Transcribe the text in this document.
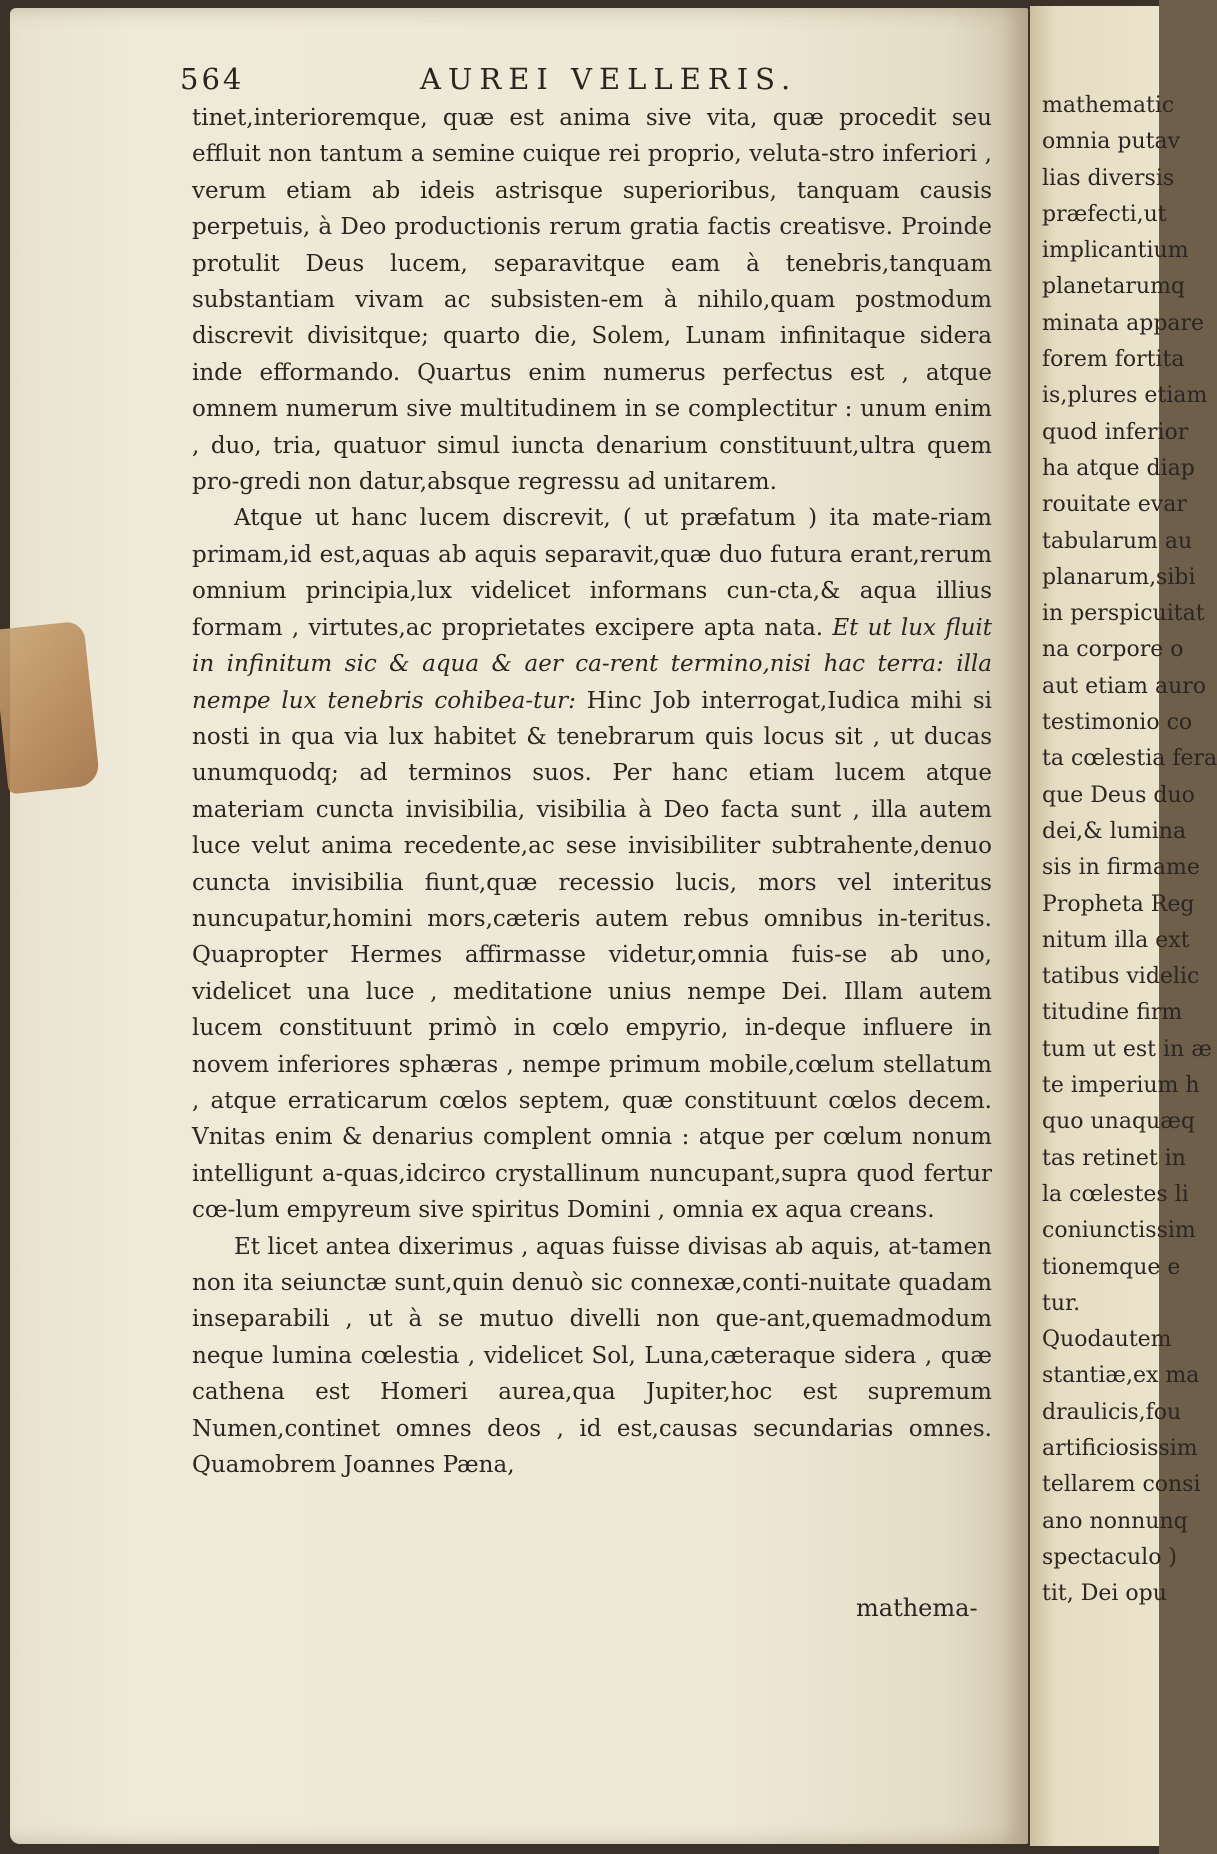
564	AUREI VELLERIS.

tinet,interioremque, quæ est anima sive vita, quæ procedit seu effluit non tantum a semine cuique rei proprio, veluta-stro inferiori , verum etiam ab ideis astrisque superioribus, tanquam causis perpetuis, à Deo productionis rerum gratia factis creatisve. Proinde protulit Deus lucem, separavitque eam à tenebris,tanquam substantiam vivam ac subsisten-em à nihilo,quam postmodum discrevit divisitque; quarto die, Solem, Lunam infinitaque sidera inde efformando. Quartus enim numerus perfectus est , atque omnem numerum sive multitudinem in se complectitur : unum enim , duo, tria, quatuor simul iuncta denarium constituunt,ultra quem pro-gredi non datur,absque regressu ad unitarem.

Atque ut hanc lucem discrevit, ( ut præfatum ) ita mate-riam primam,id est,aquas ab aquis separavit,quæ duo futura erant,rerum omnium principia,lux videlicet informans cun-cta,& aqua illius formam , virtutes,ac proprietates excipere apta nata. Et ut lux fluit in infinitum sic & aqua & aer ca-rent termino,nisi hac terra: illa nempe lux tenebris cohibea-tur: Hinc Job interrogat,Iudica mihi si nosti in qua via lux habitet & tenebrarum quis locus sit , ut ducas unumquodq; ad terminos suos. Per hanc etiam lucem atque materiam cuncta invisibilia, visibilia à Deo facta sunt , illa autem luce velut anima recedente,ac sese invisibiliter subtrahente,denuo cuncta invisibilia fiunt,quæ recessio lucis, mors vel interitus nuncupatur,homini mors,cæteris autem rebus omnibus in-teritus. Quapropter Hermes affirmasse videtur,omnia fuis-se ab uno, videlicet una luce , meditatione unius nempe Dei. Illam autem lucem constituunt primò in cœlo empyrio, in-deque influere in novem inferiores sphæras , nempe primum mobile,cœlum stellatum , atque erraticarum cœlos septem, quæ constituunt cœlos decem. Vnitas enim & denarius complent omnia : atque per cœlum nonum intelligunt a-quas,idcirco crystallinum nuncupant,supra quod fertur cœ-lum empyreum sive spiritus Domini , omnia ex aqua creans.

Et licet antea dixerimus , aquas fuisse divisas ab aquis, at-tamen non ita seiunctæ sunt,quin denuò sic connexæ,conti-nuitate quadam inseparabili , ut à se mutuo divelli non que-ant,quemadmodum neque lumina cœlestia , videlicet Sol, Luna,cæteraque sidera , quæ cathena est Homeri aurea,qua Jupiter,hoc est supremum Numen,continet omnes deos , id est,causas secundarias omnes. Quamobrem Joannes Pæna,

mathema-
mathematic
omnia putav
lias diversis
præfecti,ut
implicantium
planetarumq
minata appare
forem fortita
is,plures etiam
quod inferior
ha atque diap
rouitate evar
tabularum au
planarum,sibi
in perspicuitat
na corpore o
aut etiam auro
testimonio co
ta cœlestia fera
que Deus duo
dei,& lumina
sis in firmame
Propheta Reg
nitum illa ext
tatibus videlic
titudine firm
tum ut est in æ
te imperium h
quo unaquæq
tas retinet in
la cœlestes li
coniunctissim
tionemque e
tur.
Quodautem
stantiæ,ex ma
draulicis,fou
artificiosissim
tellarem consi
ano nonnunq
spectaculo )
tit, Dei opu
